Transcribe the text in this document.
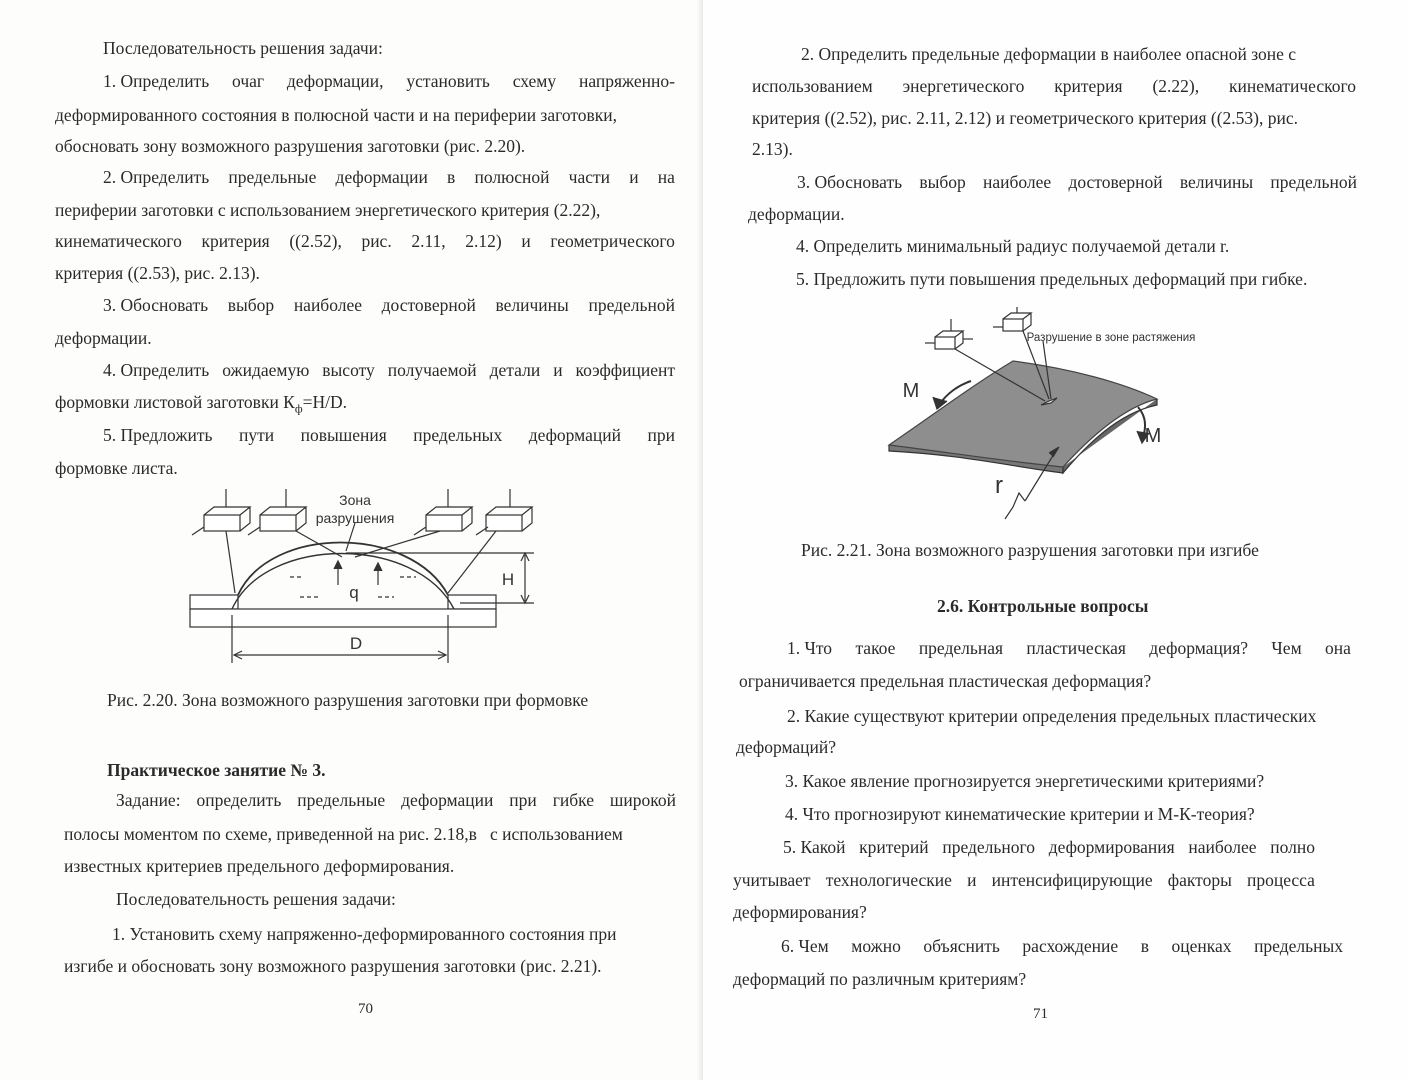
Последовательность решения задачи:
1. Определить очаг деформации, установить схему напряженно-
деформированного состояния в полюсной части и на периферии заготовки,
обосновать зону возможного разрушения заготовки (рис. 2.20).
2. Определить предельные деформации в полюсной части и на
периферии заготовки с использованием энергетического критерия (2.22),
кинематического критерия ((2.52), рис. 2.11, 2.12) и геометрического
критерия ((2.53), рис. 2.13).
3. Обосновать выбор наиболее достоверной величины предельной
деформации.
4. Определить ожидаемую высоту получаемой детали и коэффициент
формовки листовой заготовки $К_ф=H/D$.
5. Предложить пути повышения предельных деформаций при
формовке листа.
Зона
разрушения
H
q
D
Рис. 2.20. Зона возможного разрушения заготовки при формовке
Практическое занятие № 3.
Задание: определить предельные деформации при гибке широкой
полосы моментом по схеме, приведенной на рис. 2.18,в   с использованием
известных критериев предельного деформирования.
Последовательность решения задачи:
1. Установить схему напряженно-деформированного состояния при
изгибе и обосновать зону возможного разрушения заготовки (рис. 2.21).
70
2. Определить предельные деформации в наиболее опасной зоне с
использованием энергетического критерия (2.22), кинематического
критерия ((2.52), рис. 2.11, 2.12) и геометрического критерия ((2.53), рис.
2.13).
3. Обосновать выбор наиболее достоверной величины предельной
деформации.
4. Определить минимальный радиус получаемой детали r.
5. Предложить пути повышения предельных деформаций при гибке.
Разрушение в зоне растяжения
M
M
r
Рис. 2.21. Зона возможного разрушения заготовки при изгибе
2.6. Контрольные вопросы
1. Что такое предельная пластическая деформация? Чем она
ограничивается предельная пластическая деформация?
2. Какие существуют критерии определения предельных пластических
деформаций?
3. Какое явление прогнозируется энергетическими критериями?
4. Что прогнозируют кинематические критерии и М-К-теория?
5. Какой критерий предельного деформирования наиболее полно
учитывает технологические и интенсифицирующие факторы процесса
деформирования?
6. Чем можно объяснить расхождение в оценках предельных
деформаций по различным критериям?
71
